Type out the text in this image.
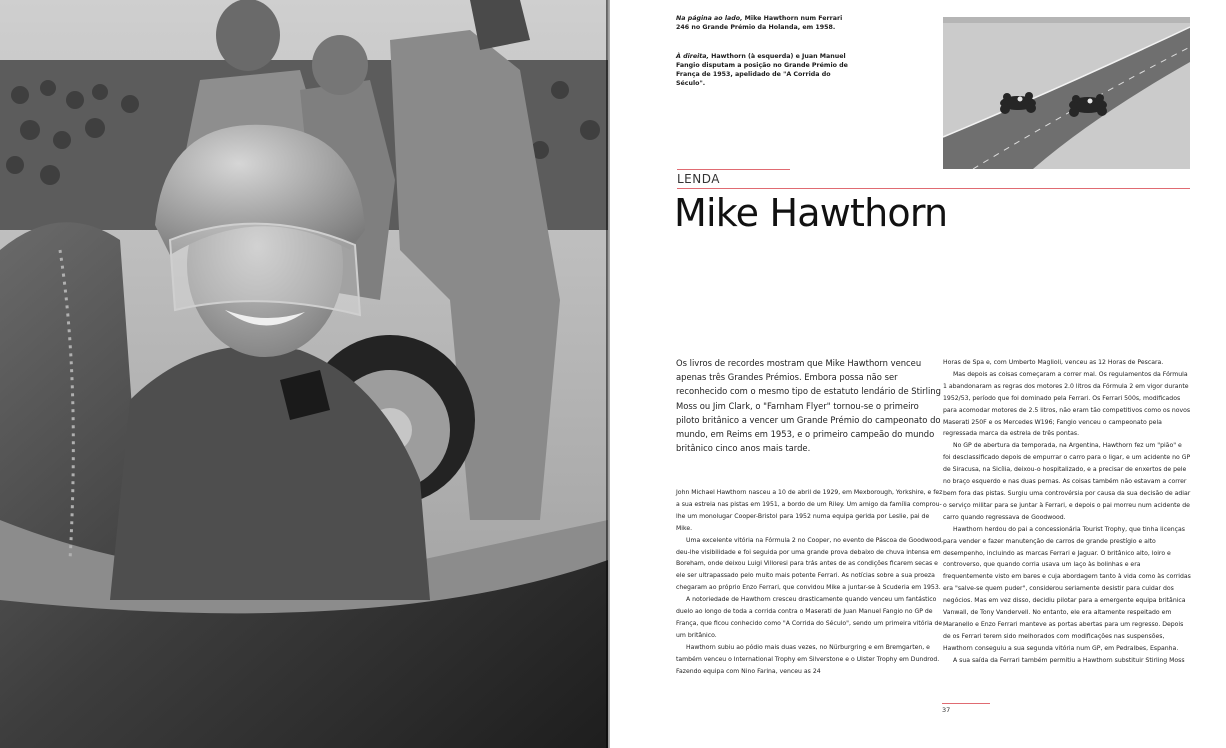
Na página ao lado, Mike Hawthorn num Ferrari 246 no Grande Prémio da Holanda, em 1958.
À direita, Hawthorn (à esquerda) e Juan Manuel Fangio disputam a posição no Grande Prémio de França de 1953, apelidado de "A Corrida do Século".
LENDA
Mike Hawthorn

Os livros de recordes mostram que Mike Hawthorn venceu apenas três Grandes Prémios. Embora possa não ser reconhecido com o mesmo tipo de estatuto lendário de Stirling Moss ou Jim Clark, o "Farnham Flyer" tornou-se o primeiro piloto britânico a vencer um Grande Prémio do campeonato do mundo, em Reims em 1953, e o primeiro campeão do mundo britânico cinco anos mais tarde.

John Michael Hawthorn nasceu a 10 de abril de 1929, em Mexborough, Yorkshire, e fez a sua estreia nas pistas em 1951, a bordo de um Riley. Um amigo da família comprou-lhe um monolugar Cooper-Bristol para 1952 numa equipa gerida por Leslie, pai de Mike.

Uma excelente vitória na Fórmula 2 no Cooper, no evento de Páscoa de Goodwood, deu-lhe visibilidade e foi seguida por uma grande prova debaixo de chuva intensa em Boreham, onde deixou Luigi Villoresi para trás antes de as condições ficarem secas e ele ser ultrapassado pelo muito mais potente Ferrari. As notícias sobre a sua proeza chegaram ao próprio Enzo Ferrari, que convidou Mike a juntar-se à Scuderia em 1953.

A notoriedade de Hawthorn cresceu drasticamente quando venceu um fantástico duelo ao longo de toda a corrida contra o Maserati de Juan Manuel Fangio no GP de França, que ficou conhecido como "A Corrida do Século", sendo um primeira vitória de um britânico.

Hawthorn subiu ao pódio mais duas vezes, no Nürburgring e em Bremgarten, e também venceu o International Trophy em Silverstone e o Ulster Trophy em Dundrod. Fazendo equipa com Nino Farina, venceu as 24

Horas de Spa e, com Umberto Maglioli, venceu as 12 Horas de Pescara.

Mas depois as coisas começaram a correr mal. Os regulamentos da Fórmula 1 abandonaram as regras dos motores 2.0 litros da Fórmula 2 em vigor durante 1952/53, período que foi dominado pela Ferrari. Os Ferrari 500s, modificados para acomodar motores de 2.5 litros, não eram tão competitivos como os novos Maserati 250F e os Mercedes W196; Fangio venceu o campeonato pela regressada marca da estrela de três pontas.

No GP de abertura da temporada, na Argentina, Hawthorn fez um "pião" e foi desclassificado depois de empurrar o carro para o ligar, e um acidente no GP de Siracusa, na Sicília, deixou-o hospitalizado, e a precisar de enxertos de pele no braço esquerdo e nas duas pernas. As coisas também não estavam a correr bem fora das pistas. Surgiu uma controvérsia por causa da sua decisão de adiar o serviço militar para se juntar à Ferrari, e depois o pai morreu num acidente de carro quando regressava de Goodwood.

Hawthorn herdou do pai a concessionária Tourist Trophy, que tinha licenças para vender e fazer manutenção de carros de grande prestígio e alto desempenho, incluindo as marcas Ferrari e Jaguar. O britânico alto, loiro e controverso, que quando corria usava um laço às bolinhas e era frequentemente visto em bares e cuja abordagem tanto à vida como às corridas era "salve-se quem puder", considerou seriamente desistir para cuidar dos negócios. Mas em vez disso, decidiu pilotar para a emergente equipa britânica Vanwall, de Tony Vandervell. No entanto, ele era altamente respeitado em Maranello e Enzo Ferrari manteve as portas abertas para um regresso. Depois de os Ferrari terem sido melhorados com modificações nas suspensões, Hawthorn conseguiu a sua segunda vitória num GP, em Pedralbes, Espanha.

A sua saída da Ferrari também permitiu a Hawthorn substituir Stirling Moss

37
